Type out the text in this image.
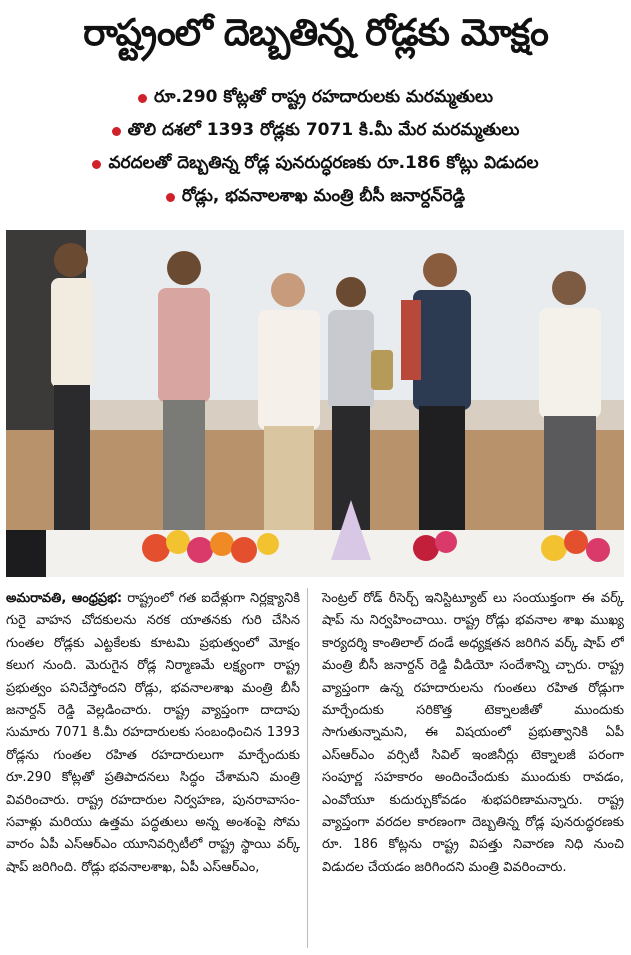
రాష్ట్రంలో దెబ్బతిన్న రోడ్లకు మోక్షం
రూ.290 కోట్లతో రాష్ట్ర రహదారులకు మరమ్మతులు
తొలి దశలో 1393 రోడ్లకు 7071 కి.మీ మేర మరమ్మతులు
వరదలతో దెబ్బతిన్న రోడ్ల పునరుద్ధరణకు రూ.186 కోట్లు విడుదల
రోడ్లు, భవనాలశాఖ మంత్రి బీసీ జనార్దన్‌రెడ్డి
అమరావతి, ఆంధ్రప్రభ: రాష్ట్రంలో గత ఐదేళ్లుగా నిర్లక్ష్యానికి గురై వాహన చోదకులను నరక యాతనకు గురి చేసిన గుంతల రోడ్లకు ఎట్టకేలకు కూటమి ప్రభుత్వంలో మోక్షం కలుగ నుంది. మెరుగైన రోడ్ల నిర్మాణమే లక్ష్యంగా రాష్ట్ర ప్రభుత్వం పనిచేస్తోందని రోడ్లు, భవనాలశాఖ మంత్రి బీసీ జనార్దన్ రెడ్డి వెల్లడించారు. రాష్ట్ర వ్యాప్తంగా దాదాపు సుమారు 7071 కి.మీ రహదారులకు సంబంధించిన 1393 రోడ్లను గుంతల రహిత రహదారులుగా మార్చేందుకు రూ.290 కోట్లతో ప్రతిపాదనలు సిద్ధం చేశామని మంత్రి వివరించారు. రాష్ట్ర రహదారుల నిర్వహణ, పునరావాసం-సవాళ్లు మరియు ఉత్తమ పద్ధతులు అన్న అంశంపై సోమ వారం ఏపీ ఎస్ఆర్ఎం యూనివర్సిటీలో రాష్ట్ర స్థాయి వర్క్ షాప్ జరిగింది. రోడ్లు భవనాలశాఖ, ఏపీ ఎస్ఆర్ఎం,
సెంట్రల్ రోడ్ రీసెర్చ్ ఇనిస్టిట్యూట్ లు సంయుక్తంగా ఈ వర్క్ షాప్ ను నిర్వహించాయి. రాష్ట్ర రోడ్లు భవనాల శాఖ ముఖ్య కార్యదర్శి కాంతిలాల్ దండే అధ్యక్షతన జరిగిన వర్క్ షాప్ లో మంత్రి బీసీ జనార్దన్ రెడ్డి వీడియో సందేశాన్ని చ్చారు. రాష్ట్ర వ్యాప్తంగా ఉన్న రహదారులను గుంతలు రహిత రోడ్లుగా మార్చేందుకు సరికొత్త టెక్నాలజీతో ముందుకు సాగుతున్నామని, ఈ విషయంలో ప్రభుత్వానికి ఏపీ ఎస్ఆర్ఎం వర్సిటీ సివిల్ ఇంజినీర్లు టెక్నాలజీ పరంగా సంపూర్ణ సహకారం అందించేందుకు ముందుకు రావడం, ఎంవోయూ కుదుర్చుకోవడం శుభపరిణామన్నారు. రాష్ట్ర వ్యాప్తంగా వరదల కారణంగా దెబ్బతిన్న రోడ్ల పునరుద్ధరణకు రూ. 186 కోట్లను రాష్ట్ర విపత్తు నివారణ నిధి నుంచి విడుదల చేయడం జరిగిందని మంత్రి వివరించారు.
